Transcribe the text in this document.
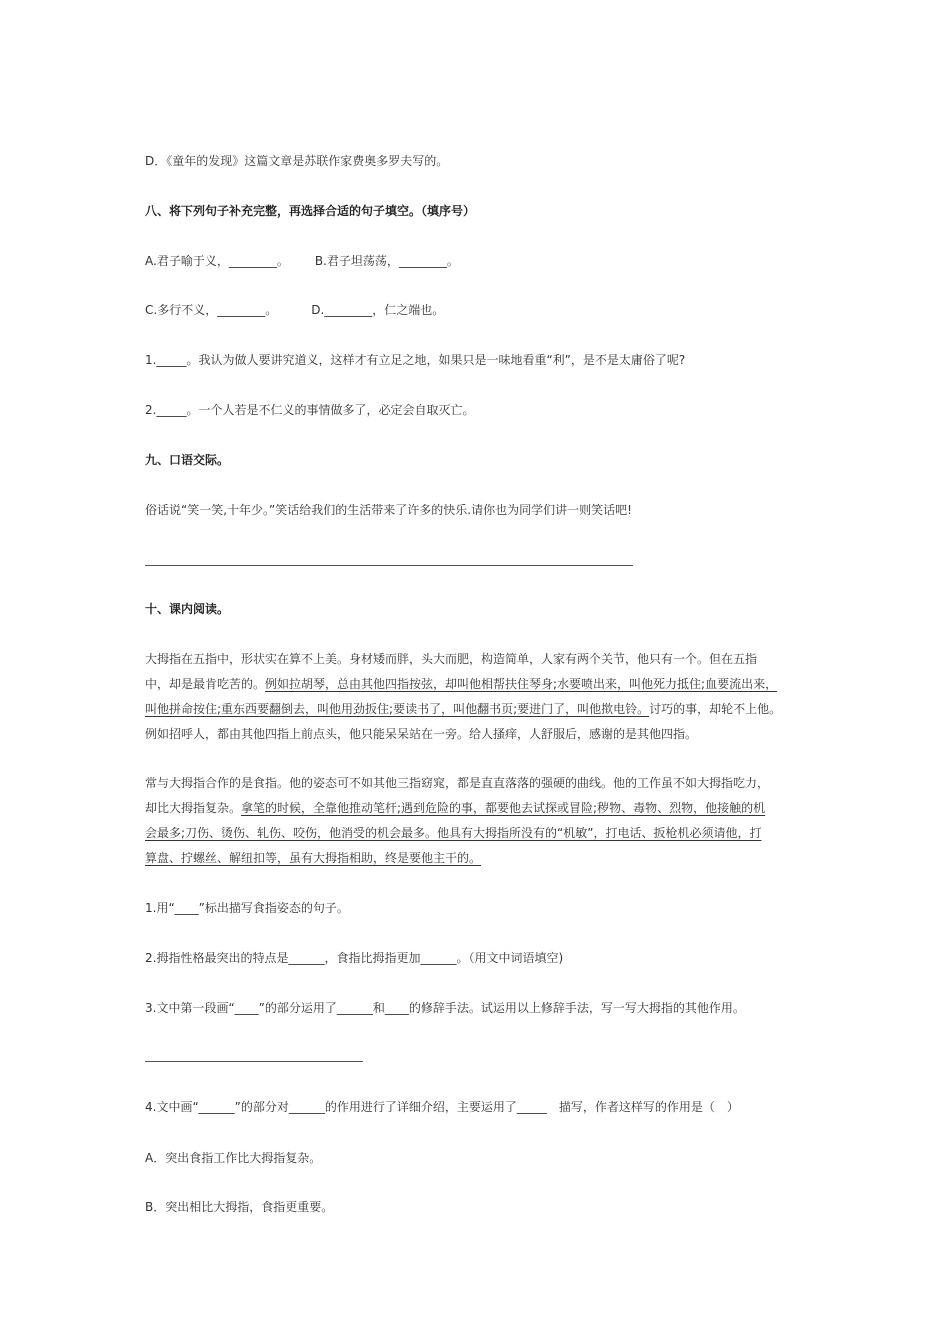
D．《童年的发现》这篇文章是苏联作家费奥多罗夫写的。
八、将下列句子补充完整，再选择合适的句子填空。（填序号）
A.君子喻于义，________。 B.君子坦荡荡，________。
C.多行不义，________。	D.________，仁之端也。
1._____。我认为做人要讲究道义，这样才有立足之地，如果只是一味地看重“利”，是不是太庸俗了呢?
2._____。一个人若是不仁义的事情做多了，必定会自取灭亡。
九、口语交际。
俗话说“笑一笑,十年少。”笑话给我们的生活带来了许多的快乐.请你也为同学们讲一则笑话吧!
十、课内阅读。
大拇指在五指中，形状实在算不上美。身材矮而胖，头大而肥，构造简单，人家有两个关节，他只有一个。但在五指
中，却是最肯吃苦的。例如拉胡琴，总由其他四指按弦，却叫他相帮扶住琴身;水要喷出来，叫他死力抵住;血要流出来，
叫他拼命按住;重东西要翻倒去，叫他用劲扳住;要读书了，叫他翻书页;要进门了，叫他揿电铃。讨巧的事，却轮不上他。
例如招呼人，都由其他四指上前点头，他只能呆呆站在一旁。给人搔痒，人舒服后，感谢的是其他四指。
常与大拇指合作的是食指。他的姿态可不如其他三指窈窕，都是直直落落的强硬的曲线。他的工作虽不如大拇指吃力，
却比大拇指复杂。拿笔的时候，全靠他推动笔杆;遇到危险的事，都要他去试探或冒险;秽物、毒物、烈物，他接触的机
会最多;刀伤、烫伤、轧伤、咬伤，他消受的机会最多。他具有大拇指所没有的“机敏”，打电话、扳枪机必须请他，打
算盘、拧螺丝、解纽扣等，虽有大拇指相助，终是要他主干的。
1.用“____”标出描写食指姿态的句子。
2.拇指性格最突出的特点是______，食指比拇指更加______。（用文中词语填空)
3.文中第一段画“____”的部分运用了______和____的修辞手法。试运用以上修辞手法，写一写大拇指的其他作用。
4.文中画“______”的部分对______的作用进行了详细介绍，主要运用了_____　描写，作者这样写的作用是（　）
A．突出食指工作比大拇指复杂。
B．突出相比大拇指，食指更重要。
